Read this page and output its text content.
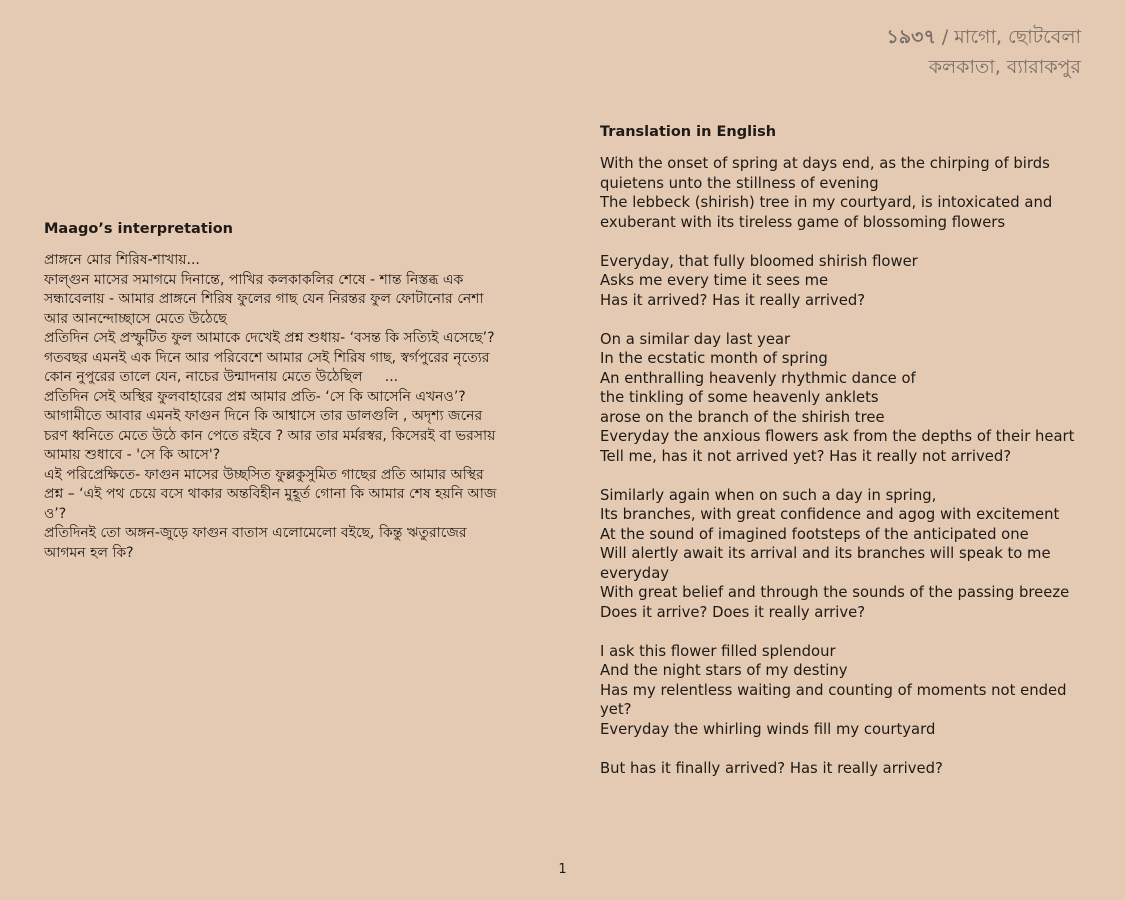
১৯৩৭ / মাগো, ছোটবেলা
কলকাতা, ব্যারাকপুর
Maago’s interpretation
প্রাঙ্গনে মোর শিরিষ-শাখায়...
ফাল্গুন মাসের সমাগমে দিনান্তে, পাখির কলকাকলির শেষে - শান্ত নিস্তব্ধ এক
সন্ধাবেলায় - আমার প্রাঙ্গনে শিরিষ ফুলের গাছ যেন নিরন্তর ফুল ফোটানোর নেশা
আর আনন্দোচ্ছাসে মেতে উঠেছে
প্রতিদিন সেই প্রস্ফুটিত ফুল আমাকে দেখেই প্রশ্ন শুধায়- ‘বসন্ত কি সত্যিই এসেছে’?
গতবছর এমনই এক দিনে আর পরিবেশে আমার সেই শিরিষ গাছ, স্বর্গপুরের নৃত্যের
কোন নুপুরের তালে যেন, নাচের উন্মাদনায় মেতে উঠেছিল     ...
প্রতিদিন সেই অস্থির ফুলবাহারের প্রশ্ন আমার প্রতি- ‘সে কি আসেনি এখনও’?
আগামীতে আবার এমনই ফাগুন দিনে কি আশ্বাসে তার ডালগুলি , অদৃশ্য জনের
চরণ ধ্বনিতে মেতে উঠে কান পেতে রইবে ? আর তার মর্মরস্বর, কিসেরই বা ভরসায়
আমায় শুধাবে - 'সে কি আসে'?
এই পরিপ্রেক্ষিতে- ফাগুন মাসের উচ্ছসিত ফুল্লকুসুমিত গাছের প্রতি আমার অস্থির
প্রশ্ন – ‘এই পথ চেয়ে বসে থাকার অন্তবিহীন মুহূর্ত গোনা কি আমার শেষ হয়নি আজ
ও’?
প্রতিদিনই তো অঙ্গন-জুড়ে ফাগুন বাতাস এলোমেলো বইছে, কিন্তু ঋতুরাজের
আগমন হল কি?
Translation in English
With the onset of spring at days end, as the chirping of birds
quietens unto the stillness of evening
The lebbeck (shirish) tree in my courtyard, is intoxicated and
exuberant with its tireless game of blossoming flowers
Everyday, that fully bloomed shirish flower
Asks me every time it sees me
Has it arrived? Has it really arrived?
On a similar day last year
In the ecstatic month of spring
An enthralling heavenly rhythmic dance of
the tinkling of some heavenly anklets
arose on the branch of the shirish tree
Everyday the anxious flowers ask from the depths of their heart
Tell me, has it not arrived yet? Has it really not arrived?
Similarly again when on such a day in spring,
Its branches, with great confidence and agog with excitement
At the sound of imagined footsteps of the anticipated one
Will alertly await its arrival and its branches will speak to me
everyday
With great belief and through the sounds of the passing breeze
Does it arrive? Does it really arrive?
I ask this flower filled splendour
And the night stars of my destiny
Has my relentless waiting and counting of moments not ended
yet?
Everyday the whirling winds fill my courtyard
But has it finally arrived? Has it really arrived?
1
